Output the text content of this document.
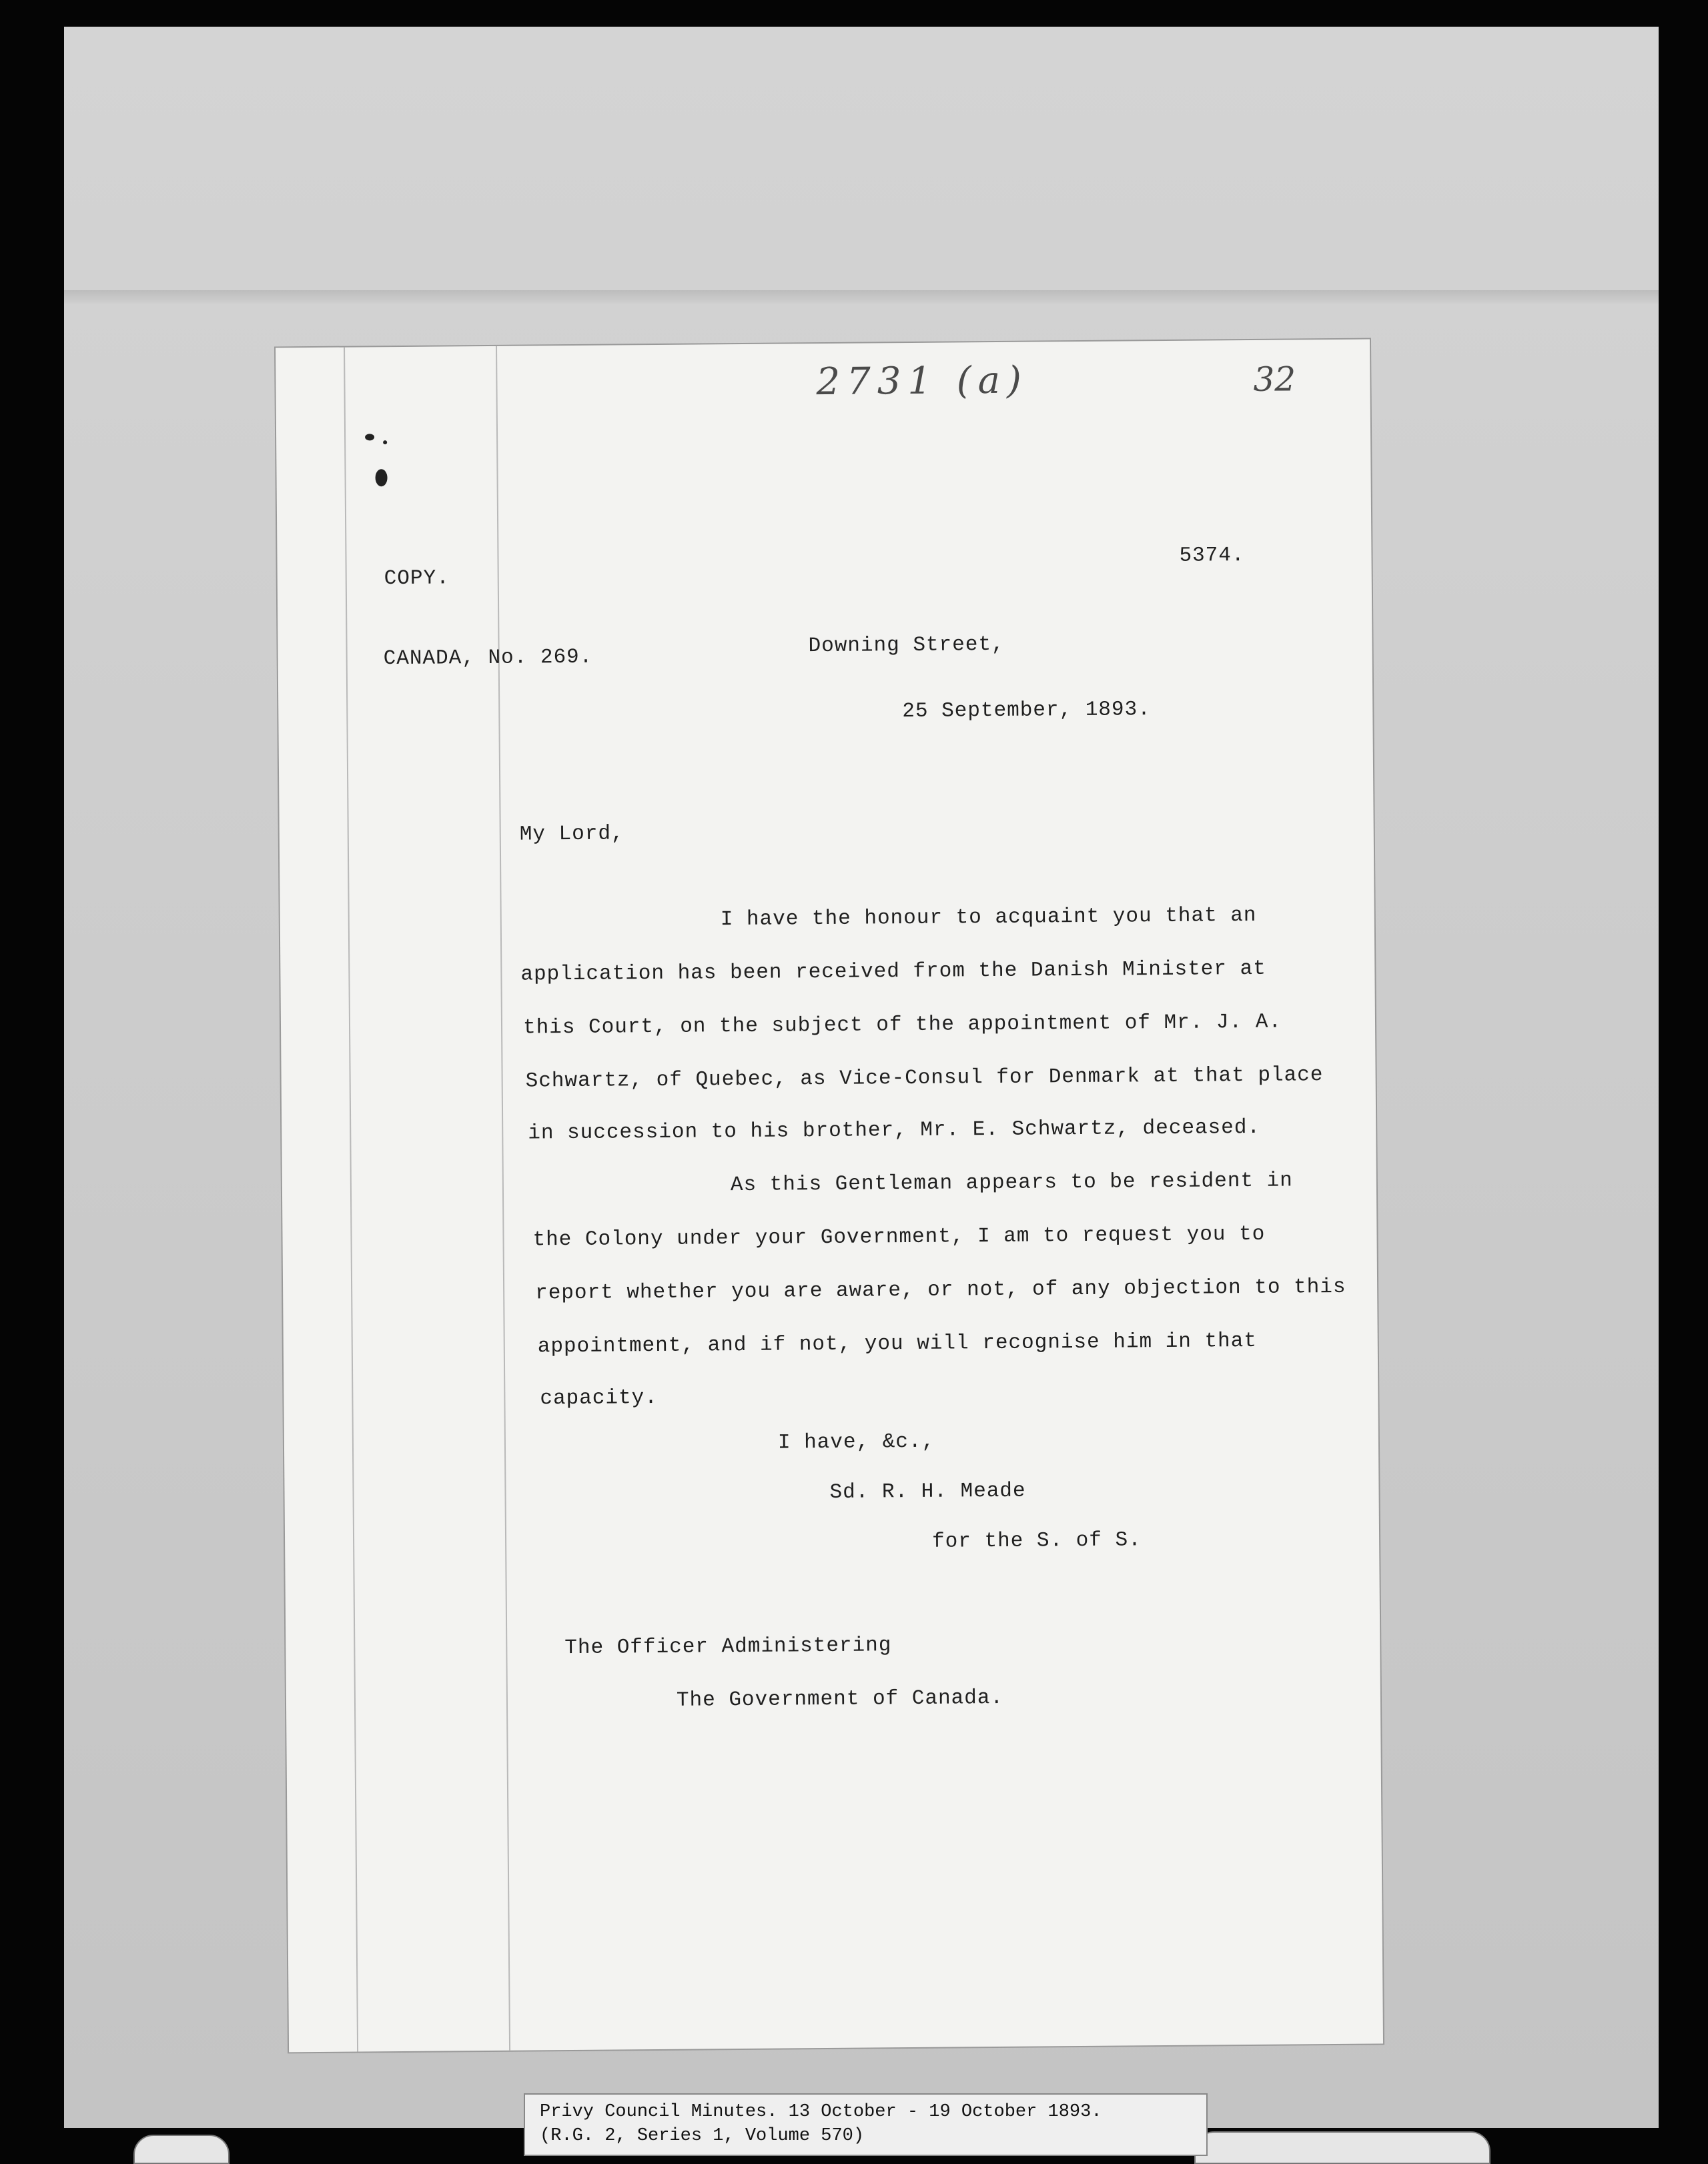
2731 (a)	32
COPY.
5374.
CANADA, No. 269.
Downing Street,
25 September, 1893.
My Lord,
I have the honour to acquaint you that an
application has been received from the Danish Minister at
this Court, on the subject of the appointment of Mr. J. A.
Schwartz, of Quebec, as Vice-Consul for Denmark at that place
in succession to his brother, Mr. E. Schwartz, deceased.
As this Gentleman appears to be resident in
the Colony under your Government, I am to request you to
report whether you are aware, or not, of any objection to this
appointment, and if not, you will recognise him in that
capacity.
I have, &c.,
Sd. R. H. Meade
for the S. of S.
The Officer Administering
The Government of Canada.
Privy Council Minutes. 13 October - 19 October 1893.
(R.G. 2, Series 1, Volume 570)
